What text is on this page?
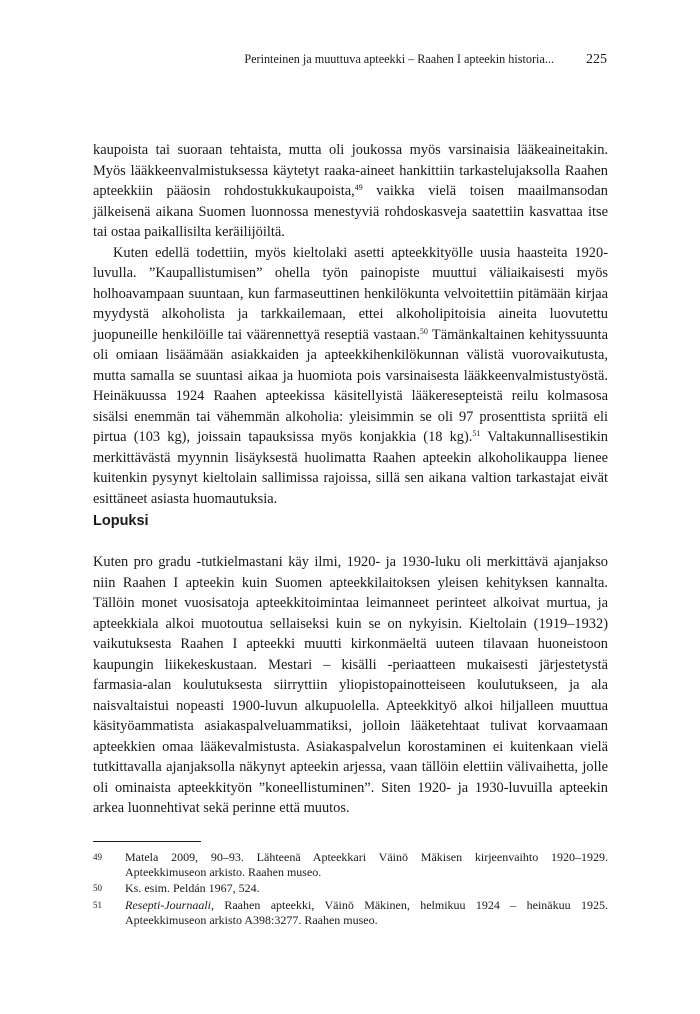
Perinteinen ja muuttuva apteekki – Raahen I apteekin historia... 225

kaupoista tai suoraan tehtaista, mutta oli joukossa myös varsinaisia lääkeaineitakin. Myös lääkkeenvalmistuksessa käytetyt raaka-aineet hankittiin tarkastelujaksolla Raahen apteekkiin pääosin rohdostukkukaupoista,$^{49}$ vaikka vielä toisen maailmansodan jälkeisenä aikana Suomen luonnossa menestyviä rohdoskasveja saatettiin kasvattaa itse tai ostaa paikallisilta keräilijöiltä.

Kuten edellä todettiin, myös kieltolaki asetti apteekkityölle uusia haasteita 1920-luvulla. ”Kaupallistumisen” ohella työn painopiste muuttui väliaikaisesti myös holhoavampaan suuntaan, kun farmaseuttinen henkilökunta velvoitettiin pitämään kirjaa myydystä alkoholista ja tarkkailemaan, ettei alkoholipitoisia aineita luovutettu juopuneille henkilöille tai väärennettyä reseptiä vastaan.$^{50}$ Tämänkaltainen kehityssuunta oli omiaan lisäämään asiakkaiden ja apteekkihenkilökunnan välistä vuorovaikutusta, mutta samalla se suuntasi aikaa ja huomiota pois varsinaisesta lääkkeenvalmistustyöstä. Heinäkuussa 1924 Raahen apteekissa käsitellyistä lääkeresepteistä reilu kolmasosa sisälsi enemmän tai vähemmän alkoholia: yleisimmin se oli 97 prosenttista spriitä eli pirtua (103 kg), joissain tapauksissa myös konjakkia (18 kg).$^{51}$ Valtakunnallisestikin merkittävästä myynnin lisäyksestä huolimatta Raahen apteekin alkoholikauppa lienee kuitenkin pysynyt kieltolain sallimissa rajoissa, sillä sen aikana valtion tarkastajat eivät esittäneet asiasta huomautuksia.

Lopuksi

Kuten pro gradu -tutkielmastani käy ilmi, 1920- ja 1930-luku oli merkittävä ajanjakso niin Raahen I apteekin kuin Suomen apteekkilaitoksen yleisen kehityksen kannalta. Tällöin monet vuosisatoja apteekkitoimintaa leimanneet perinteet alkoivat murtua, ja apteekkiala alkoi muotoutua sellaiseksi kuin se on nykyisin. Kieltolain (1919–1932) vaikutuksesta Raahen I apteekki muutti kirkonmäeltä uuteen tilavaan huoneistoon kaupungin liikekeskustaan. Mestari – kisälli -periaatteen mukaisesti järjestetystä farmasia-alan koulutuksesta siirryttiin yliopistopainotteiseen koulutukseen, ja ala naisvaltaistui nopeasti 1900-luvun alkupuolella. Apteekkityö alkoi hiljalleen muuttua käsityöammatista asiakaspalveluammatiksi, jolloin lääketehtaat tulivat korvaamaan apteekkien omaa lääkevalmistusta. Asiakaspalvelun korostaminen ei kuitenkaan vielä tutkittavalla ajanjaksolla näkynyt apteekin arjessa, vaan tällöin elettiin välivaihetta, jolle oli ominaista apteekkityön ”koneellistuminen”. Siten 1920- ja 1930-luvuilla apteekin arkea luonnehtivat sekä perinne että muutos.

49	Matela 2009, 90–93. Lähteenä Apteekkari Väinö Mäkisen kirjeenvaihto 1920–1929. Apteekkimuseon arkisto. Raahen museo.

50	Ks. esim. Peldán 1967, 524.

51	Resepti-Journaali, Raahen apteekki, Väinö Mäkinen, helmikuu 1924 – heinäkuu 1925. Apteekkimuseon arkisto A398:3277. Raahen museo.
